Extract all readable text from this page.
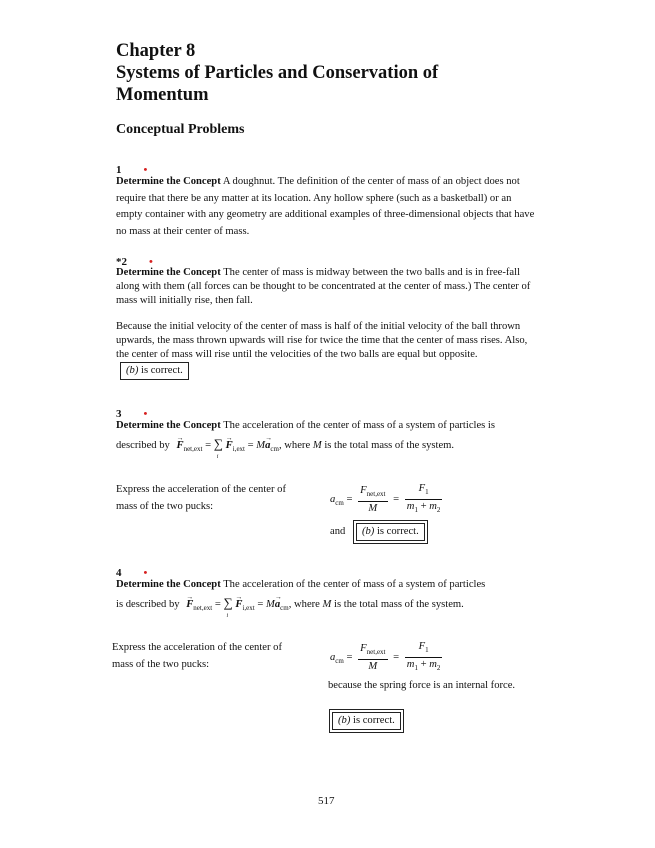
Chapter 8
Systems of Particles and Conservation of
Momentum
Conceptual Problems
1 •
Determine the Concept A doughnut. The definition of the center of mass of an object does not require that there be any matter at its location. Any hollow sphere (such as a basketball) or an empty container with any geometry are additional examples of three-dimensional objects that have no mass at their center of mass.
*2 •
Determine the Concept The center of mass is midway between the two balls and is in free-fall along with them (all forces can be thought to be concentrated at the center of mass.) The center of mass will initially rise, then fall.
Because the initial velocity of the center of mass is half of the initial velocity of the ball thrown upwards, the mass thrown upwards will rise for twice the time that the center of mass rises. Also, the center of mass will rise until the velocities of the two balls are equal but opposite. (b) is correct.
3 •
Determine the Concept The acceleration of the center of mass of a system of particles is
described by → $F_{net,ext}$ = ∑ $i \to F_{i,ext} = M\to a_{cm}$, where M is the total mass of the system.
Express the acceleration of the center of mass of the two pucks:
$a_{cm} = \frac{F_{net,ext}}{M} = \frac{F_1}{m_1 + m_2}$
and (b) is correct.
4 •
Determine the Concept The acceleration of the center of mass of a system of particles
is described by → $F_{net,ext}$ = ∑ $i \to F_{i,ext} = M\to a_{cm}$, where M is the total mass of the system.
Express the acceleration of the center of mass of the two pucks:
$a_{cm} = \frac{F_{net,ext}}{M} = \frac{F_1}{m_1 + m_2}$
because the spring force is an internal force.
(b) is correct.
517
